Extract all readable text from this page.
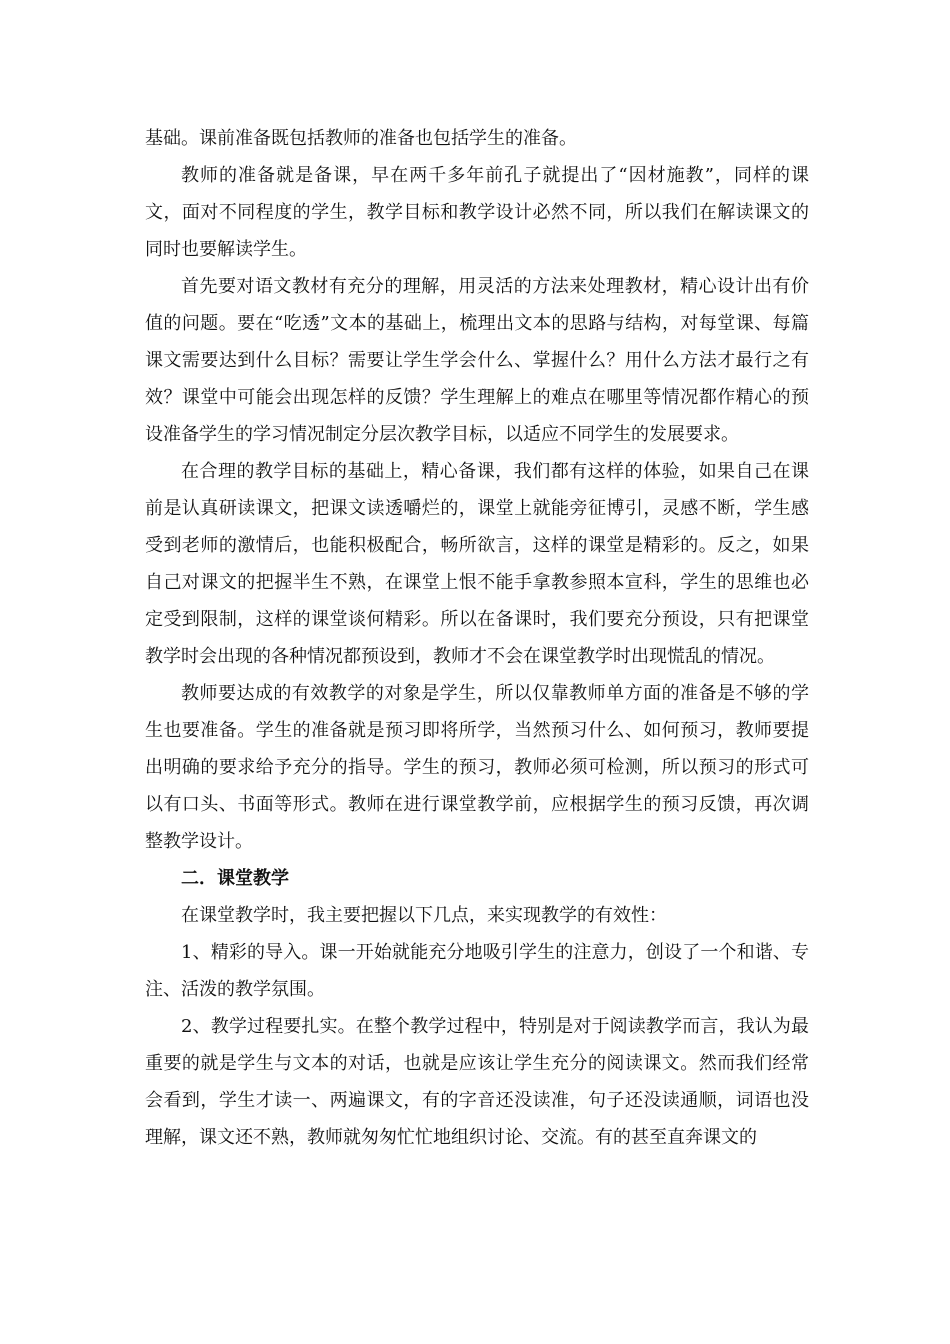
基础。课前准备既包括教师的准备也包括学生的准备。

教师的准备就是备课，早在两千多年前孔子就提出了“因材施教”，同样的课文，面对不同程度的学生，教学目标和教学设计必然不同，所以我们在解读课文的同时也要解读学生。

首先要对语文教材有充分的理解，用灵活的方法来处理教材，精心设计出有价值的问题。要在“吃透”文本的基础上，梳理出文本的思路与结构，对每堂课、每篇课文需要达到什么目标？需要让学生学会什么、掌握什么？用什么方法才最行之有效？课堂中可能会出现怎样的反馈？学生理解上的难点在哪里等情况都作精心的预设准备学生的学习情况制定分层次教学目标，以适应不同学生的发展要求。

在合理的教学目标的基础上，精心备课，我们都有这样的体验，如果自己在课前是认真研读课文，把课文读透嚼烂的，课堂上就能旁征博引，灵感不断，学生感受到老师的激情后，也能积极配合，畅所欲言，这样的课堂是精彩的。反之，如果自己对课文的把握半生不熟，在课堂上恨不能手拿教参照本宣科，学生的思维也必定受到限制，这样的课堂谈何精彩。所以在备课时，我们要充分预设，只有把课堂教学时会出现的各种情况都预设到，教师才不会在课堂教学时出现慌乱的情况。

教师要达成的有效教学的对象是学生，所以仅靠教师单方面的准备是不够的学生也要准备。学生的准备就是预习即将所学，当然预习什么、如何预习，教师要提出明确的要求给予充分的指导。学生的预习，教师必须可检测，所以预习的形式可以有口头、书面等形式。教师在进行课堂教学前，应根据学生的预习反馈，再次调整教学设计。

二．课堂教学

在课堂教学时，我主要把握以下几点，来实现教学的有效性：

1、精彩的导入。课一开始就能充分地吸引学生的注意力，创设了一个和谐、专注、活泼的教学氛围。

2、教学过程要扎实。在整个教学过程中，特别是对于阅读教学而言，我认为最重要的就是学生与文本的对话，也就是应该让学生充分的阅读课文。然而我们经常会看到，学生才读一、两遍课文，有的字音还没读准，句子还没读通顺，词语也没理解，课文还不熟，教师就匆匆忙忙地组织讨论、交流。有的甚至直奔课文的
